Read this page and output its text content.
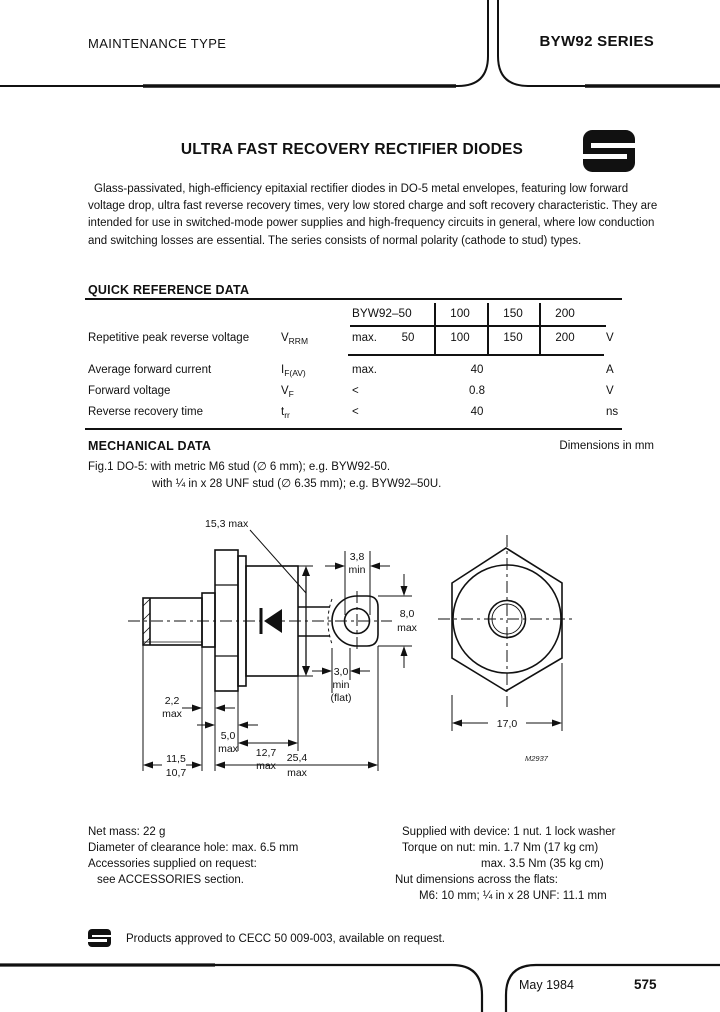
MAINTENANCE TYPE	BYW92 SERIES
ULTRA FAST RECOVERY RECTIFIER DIODES
Glass-passivated, high-efficiency epitaxial rectifier diodes in DO-5 metal envelopes, featuring low forward voltage drop, ultra fast reverse recovery times, very low stored charge and soft recovery characteristic. They are intended for use in switched-mode power supplies and high-frequency circuits in general, where low conduction and switching losses are essential. The series consists of normal polarity (cathode to stud) types.
QUICK REFERENCE DATA
BYW92–50	100	150	200
Repetitive peak reverse voltage	$V_{RRM}$	max. 50	100	150	200	V
Average forward current	$I_{F(AV)}$	max.	40	A
Forward voltage	$V_F$	<	0.8	V
Reverse recovery time	$t_{rr}$	<	40	ns
MECHANICAL DATA	Dimensions in mm
Fig.1 DO-5: with metric M6 stud (∅ 6 mm); e.g. BYW92-50.
with ¼ in x 28 UNF stud (∅ 6.35 mm); e.g. BYW92–50U.
15,3 max
3,8
min
8,0
max
3,0
min
(flat)
2,2
max
5,0
max 12,7
max
11,5
10,7
25,4
max
17,0
M2937
Net mass: 22 g
Diameter of clearance hole: max. 6.5 mm
Accessories supplied on request:
see ACCESSORIES section.
Supplied with device: 1 nut. 1 lock washer
Torque on nut: min. 1.7 Nm (17 kg cm)
max. 3.5 Nm (35 kg cm)
Nut dimensions across the flats:
M6: 10 mm; ¼ in x 28 UNF: 11.1 mm
Products approved to CECC 50 009-003, available on request.
May 1984	575
